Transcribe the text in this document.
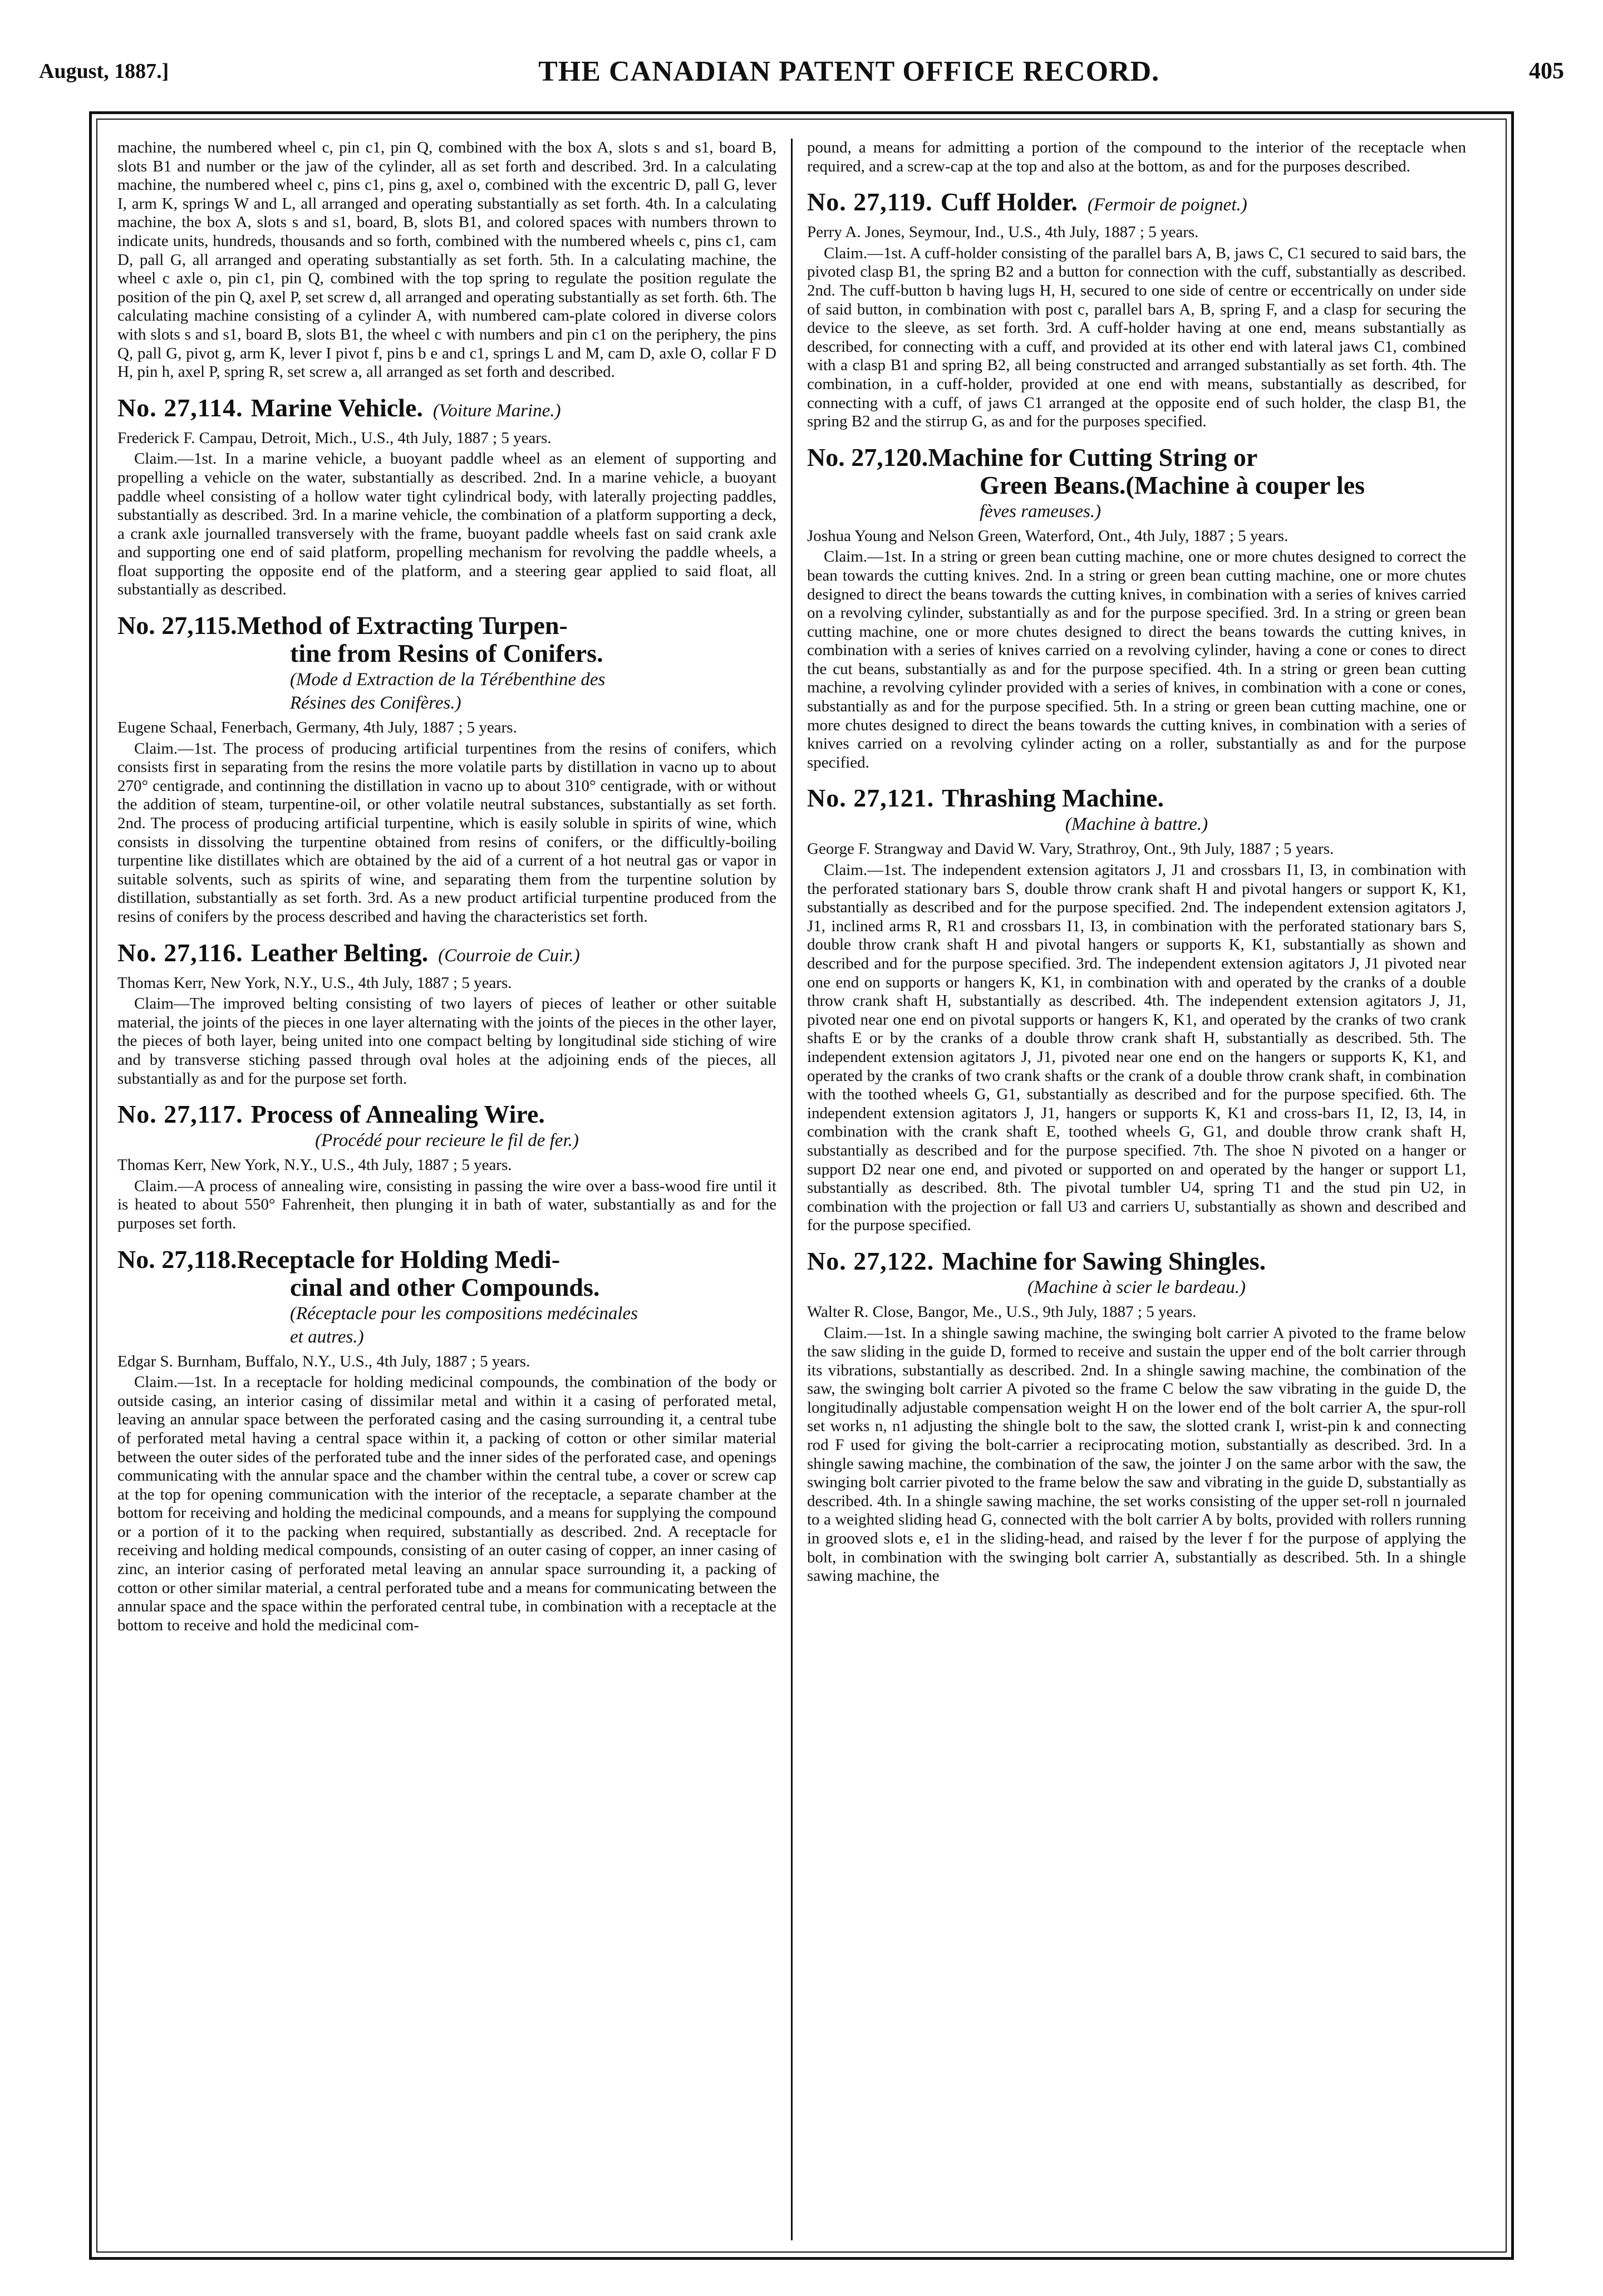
August, 1887.]	THE CANADIAN PATENT OFFICE RECORD.	405

machine, the numbered wheel c, pin c1, pin Q, combined with the box A, slots s and s1, board B, slots B1 and number or the jaw of the cylinder, all as set forth and described. 3rd. In a calculating machine, the numbered wheel c, pins c1, pins g, axel o, combined with the excentric D, pall G, lever I, arm K, springs W and L, all arranged and operating substantially as set forth. 4th. In a calculating machine, the box A, slots s and s1, board, B, slots B1, and colored spaces with numbers thrown to indicate units, hundreds, thousands and so forth, combined with the numbered wheels c, pins c1, cam D, pall G, all arranged and operating substantially as set forth. 5th. In a calculating machine, the wheel c axle o, pin c1, pin Q, combined with the top spring to regulate the position regulate the position of the pin Q, axel P, set screw d, all arranged and operating substantially as set forth. 6th. The calculating machine consisting of a cylinder A, with numbered cam-plate colored in diverse colors with slots s and s1, board B, slots B1, the wheel c with numbers and pin c1 on the periphery, the pins Q, pall G, pivot g, arm K, lever I pivot f, pins b e and c1, springs L and M, cam D, axle O, collar F D H, pin h, axel P, spring R, set screw a, all arranged as set forth and described.

No. 27,114. Marine Vehicle. (Voiture Marine.)

Frederick F. Campau, Detroit, Mich., U.S., 4th July, 1887 ; 5 years.

Claim.—1st. In a marine vehicle, a buoyant paddle wheel as an element of supporting and propelling a vehicle on the water, substantially as described. 2nd. In a marine vehicle, a buoyant paddle wheel consisting of a hollow water tight cylindrical body, with laterally projecting paddles, substantially as described. 3rd. In a marine vehicle, the combination of a platform supporting a deck, a crank axle journalled transversely with the frame, buoyant paddle wheels fast on said crank axle and supporting one end of said platform, propelling mechanism for revolving the paddle wheels, a float supporting the opposite end of the platform, and a steering gear applied to said float, all substantially as described.

No. 27,115.Method of Extracting Turpen-

tine from Resins of Conifers.

(Mode d Extraction de la Térébenthine des

Résines des Conifères.)

Eugene Schaal, Fenerbach, Germany, 4th July, 1887 ; 5 years.

Claim.—1st. The process of producing artificial turpentines from the resins of conifers, which consists first in separating from the resins the more volatile parts by distillation in vacno up to about 270° centigrade, and continning the distillation in vacno up to about 310° centigrade, with or without the addition of steam, turpentine-oil, or other volatile neutral substances, substantially as set forth. 2nd. The process of producing artificial turpentine, which is easily soluble in spirits of wine, which consists in dissolving the turpentine obtained from resins of conifers, or the difficultly-boiling turpentine like distillates which are obtained by the aid of a current of a hot neutral gas or vapor in suitable solvents, such as spirits of wine, and separating them from the turpentine solution by distillation, substantially as set forth. 3rd. As a new product artificial turpentine produced from the resins of conifers by the process described and having the characteristics set forth.

No. 27,116. Leather Belting. (Courroie de Cuir.)

Thomas Kerr, New York, N.Y., U.S., 4th July, 1887 ; 5 years.

Claim—The improved belting consisting of two layers of pieces of leather or other suitable material, the joints of the pieces in one layer alternating with the joints of the pieces in the other layer, the pieces of both layer, being united into one compact belting by longitudinal side stiching of wire and by transverse stiching passed through oval holes at the adjoining ends of the pieces, all substantially as and for the purpose set forth.

No. 27,117. Process of Annealing Wire.

(Procédé pour recieure le fil de fer.)

Thomas Kerr, New York, N.Y., U.S., 4th July, 1887 ; 5 years.

Claim.—A process of annealing wire, consisting in passing the wire over a bass-wood fire until it is heated to about 550° Fahrenheit, then plunging it in bath of water, substantially as and for the purposes set forth.

No. 27,118.Receptacle for Holding Medi-

cinal and other Compounds.

(Réceptacle pour les compositions medécinales

et autres.)

Edgar S. Burnham, Buffalo, N.Y., U.S., 4th July, 1887 ; 5 years.

Claim.—1st. In a receptacle for holding medicinal compounds, the combination of the body or outside casing, an interior casing of dissimilar metal and within it a casing of perforated metal, leaving an annular space between the perforated casing and the casing surrounding it, a central tube of perforated metal having a central space within it, a packing of cotton or other similar material between the outer sides of the perforated tube and the inner sides of the perforated case, and openings communicating with the annular space and the chamber within the central tube, a cover or screw cap at the top for opening communication with the interior of the receptacle, a separate chamber at the bottom for receiving and holding the medicinal compounds, and a means for supplying the compound or a portion of it to the packing when required, substantially as described. 2nd. A receptacle for receiving and holding medical compounds, consisting of an outer casing of copper, an inner casing of zinc, an interior casing of perforated metal leaving an annular space surrounding it, a packing of cotton or other similar material, a central perforated tube and a means for communicating between the annular space and the space within the perforated central tube, in combination with a receptacle at the bottom to receive and hold the medicinal com-

pound, a means for admitting a portion of the compound to the interior of the receptacle when required, and a screw-cap at the top and also at the bottom, as and for the purposes described.

No. 27,119. Cuff Holder. (Fermoir de poignet.)

Perry A. Jones, Seymour, Ind., U.S., 4th July, 1887 ; 5 years.

Claim.—1st. A cuff-holder consisting of the parallel bars A, B, jaws C, C1 secured to said bars, the pivoted clasp B1, the spring B2 and a button for connection with the cuff, substantially as described. 2nd. The cuff-button b having lugs H, H, secured to one side of centre or eccentrically on under side of said button, in combination with post c, parallel bars A, B, spring F, and a clasp for securing the device to the sleeve, as set forth. 3rd. A cuff-holder having at one end, means substantially as described, for connecting with a cuff, and provided at its other end with lateral jaws C1, combined with a clasp B1 and spring B2, all being constructed and arranged substantially as set forth. 4th. The combination, in a cuff-holder, provided at one end with means, substantially as described, for connecting with a cuff, of jaws C1 arranged at the opposite end of such holder, the clasp B1, the spring B2 and the stirrup G, as and for the purposes specified.

No. 27,120.Machine for Cutting String or

Green Beans.(Machine à couper les

fèves rameuses.)

Joshua Young and Nelson Green, Waterford, Ont., 4th July, 1887 ; 5 years.

Claim.—1st. In a string or green bean cutting machine, one or more chutes designed to correct the bean towards the cutting knives. 2nd. In a string or green bean cutting machine, one or more chutes designed to direct the beans towards the cutting knives, in combination with a series of knives carried on a revolving cylinder, substantially as and for the purpose specified. 3rd. In a string or green bean cutting machine, one or more chutes designed to direct the beans towards the cutting knives, in combination with a series of knives carried on a revolving cylinder, having a cone or cones to direct the cut beans, substantially as and for the purpose specified. 4th. In a string or green bean cutting machine, a revolving cylinder provided with a series of knives, in combination with a cone or cones, substantially as and for the purpose specified. 5th. In a string or green bean cutting machine, one or more chutes designed to direct the beans towards the cutting knives, in combination with a series of knives carried on a revolving cylinder acting on a roller, substantially as and for the purpose specified.

No. 27,121. Thrashing Machine.

(Machine à battre.)

George F. Strangway and David W. Vary, Strathroy, Ont., 9th July, 1887 ; 5 years.

Claim.—1st. The independent extension agitators J, J1 and crossbars I1, I3, in combination with the perforated stationary bars S, double throw crank shaft H and pivotal hangers or support K, K1, substantially as described and for the purpose specified. 2nd. The independent extension agitators J, J1, inclined arms R, R1 and crossbars I1, I3, in combination with the perforated stationary bars S, double throw crank shaft H and pivotal hangers or supports K, K1, substantially as shown and described and for the purpose specified. 3rd. The independent extension agitators J, J1 pivoted near one end on supports or hangers K, K1, in combination with and operated by the cranks of a double throw crank shaft H, substantially as described. 4th. The independent extension agitators J, J1, pivoted near one end on pivotal supports or hangers K, K1, and operated by the cranks of two crank shafts E or by the cranks of a double throw crank shaft H, substantially as described. 5th. The independent extension agitators J, J1, pivoted near one end on the hangers or supports K, K1, and operated by the cranks of two crank shafts or the crank of a double throw crank shaft, in combination with the toothed wheels G, G1, substantially as described and for the purpose specified. 6th. The independent extension agitators J, J1, hangers or supports K, K1 and cross-bars I1, I2, I3, I4, in combination with the crank shaft E, toothed wheels G, G1, and double throw crank shaft H, substantially as described and for the purpose specified. 7th. The shoe N pivoted on a hanger or support D2 near one end, and pivoted or supported on and operated by the hanger or support L1, substantially as described. 8th. The pivotal tumbler U4, spring T1 and the stud pin U2, in combination with the projection or fall U3 and carriers U, substantially as shown and described and for the purpose specified.

No. 27,122. Machine for Sawing Shingles.

(Machine à scier le bardeau.)

Walter R. Close, Bangor, Me., U.S., 9th July, 1887 ; 5 years.

Claim.—1st. In a shingle sawing machine, the swinging bolt carrier A pivoted to the frame below the saw sliding in the guide D, formed to receive and sustain the upper end of the bolt carrier through its vibrations, substantially as described. 2nd. In a shingle sawing machine, the combination of the saw, the swinging bolt carrier A pivoted so the frame C below the saw vibrating in the guide D, the longitudinally adjustable compensation weight H on the lower end of the bolt carrier A, the spur-roll set works n, n1 adjusting the shingle bolt to the saw, the slotted crank I, wrist-pin k and connecting rod F used for giving the bolt-carrier a reciprocating motion, substantially as described. 3rd. In a shingle sawing machine, the combination of the saw, the jointer J on the same arbor with the saw, the swinging bolt carrier pivoted to the frame below the saw and vibrating in the guide D, substantially as described. 4th. In a shingle sawing machine, the set works consisting of the upper set-roll n journaled to a weighted sliding head G, connected with the bolt carrier A by bolts, provided with rollers running in grooved slots e, e1 in the sliding-head, and raised by the lever f for the purpose of applying the bolt, in combination with the swinging bolt carrier A, substantially as described. 5th. In a shingle sawing machine, the
